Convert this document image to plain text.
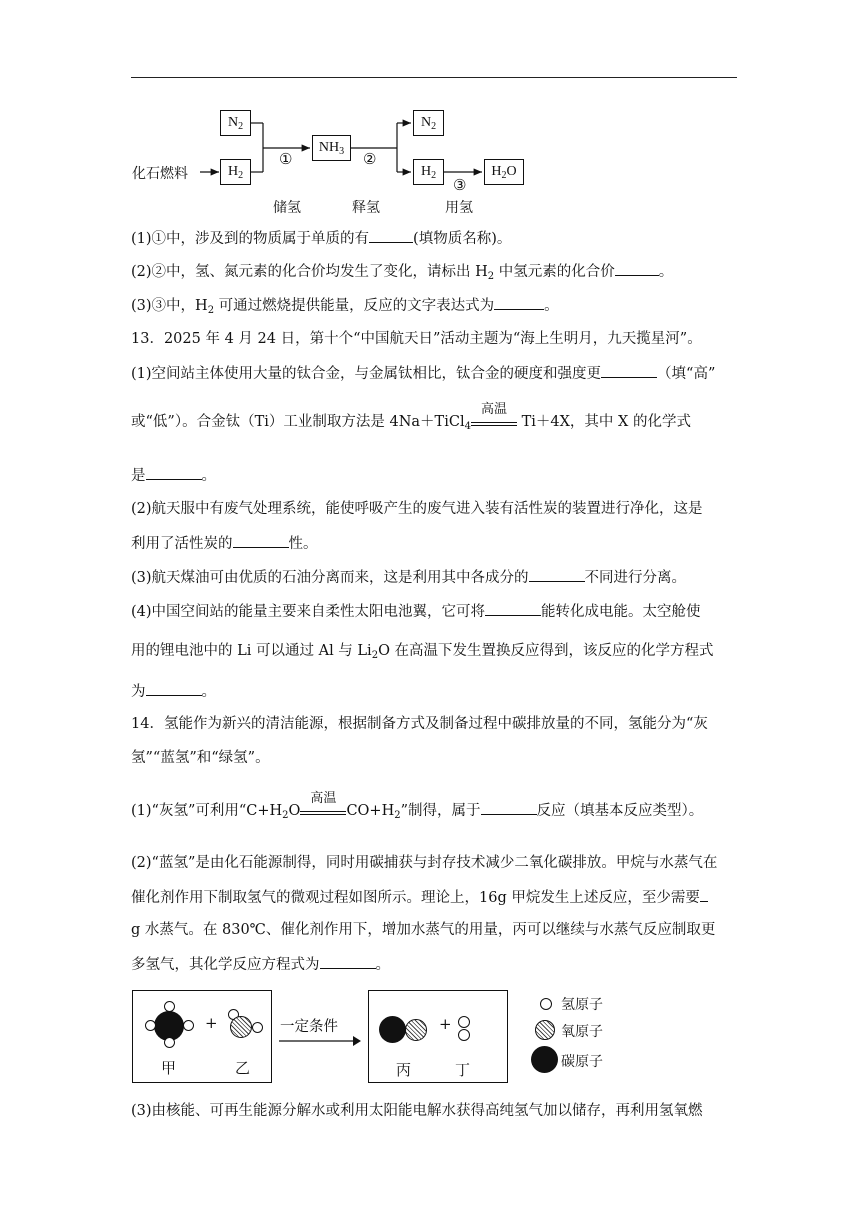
化石燃料
$N_2$
$H_2$
$NH_3$
$N_2$
$H_2$	$H_2O$
①	②
③
储氢	释氢	用氢
(1)①中，涉及到的物质属于单质的有	(填物质名称)。
(2)②中，氢、氮元素的化合价均发生了变化，请标出 $H_2$ 中氢元素的化合价	。
(3)③中，$H_2$ 可通过燃烧提供能量，反应的文字表达式为	。
13．2025 年 4 月 24 日，第十个“中国航天日”活动主题为“海上生明月，九天揽星河”。
(1)空间站主体使用大量的钛合金，与金属钛相比，钛合金的硬度和强度更	（填“高”
或“低”）。合金钛（Ti）工业制取方法是 4Na＋TiCl$_4$
高温
Ti＋4X，其中 X 的化学式
是	。
(2)航天服中有废气处理系统，能使呼吸产生的废气进入装有活性炭的装置进行净化，这是
利用了活性炭的	性。
(3)航天煤油可由优质的石油分离而来，这是利用其中各成分的	不同进行分离。
(4)中国空间站的能量主要来自柔性太阳电池翼，它可将	能转化成电能。太空舱使
用的锂电池中的 Li 可以通过 Al 与 $Li_2O$ 在高温下发生置换反应得到，该反应的化学方程式
为	。
14．氢能作为新兴的清洁能源，根据制备方式及制备过程中碳排放量的不同，氢能分为“灰
氢”“蓝氢”和“绿氢”。
(1)“灰氢”可利用“$C+H_2O$
高温
$CO+H_2$”制得，属于	反应（填基本反应类型）。
(2)“蓝氢”是由化石能源制得，同时用碳捕获与封存技术减少二氧化碳排放。甲烷与水蒸气在
催化剂作用下制取氢气的微观过程如图所示。理论上，16g 甲烷发生上述反应，至少需要
g 水蒸气。在 830℃、催化剂作用下，增加水蒸气的用量，丙可以继续与水蒸气反应制取更
多氢气，其化学反应方程式为	。
+
甲	乙
一定条件	+
丙	丁
氢原子
氧原子
碳原子
(3)由核能、可再生能源分解水或利用太阳能电解水获得高纯氢气加以储存，再利用氢氧燃
